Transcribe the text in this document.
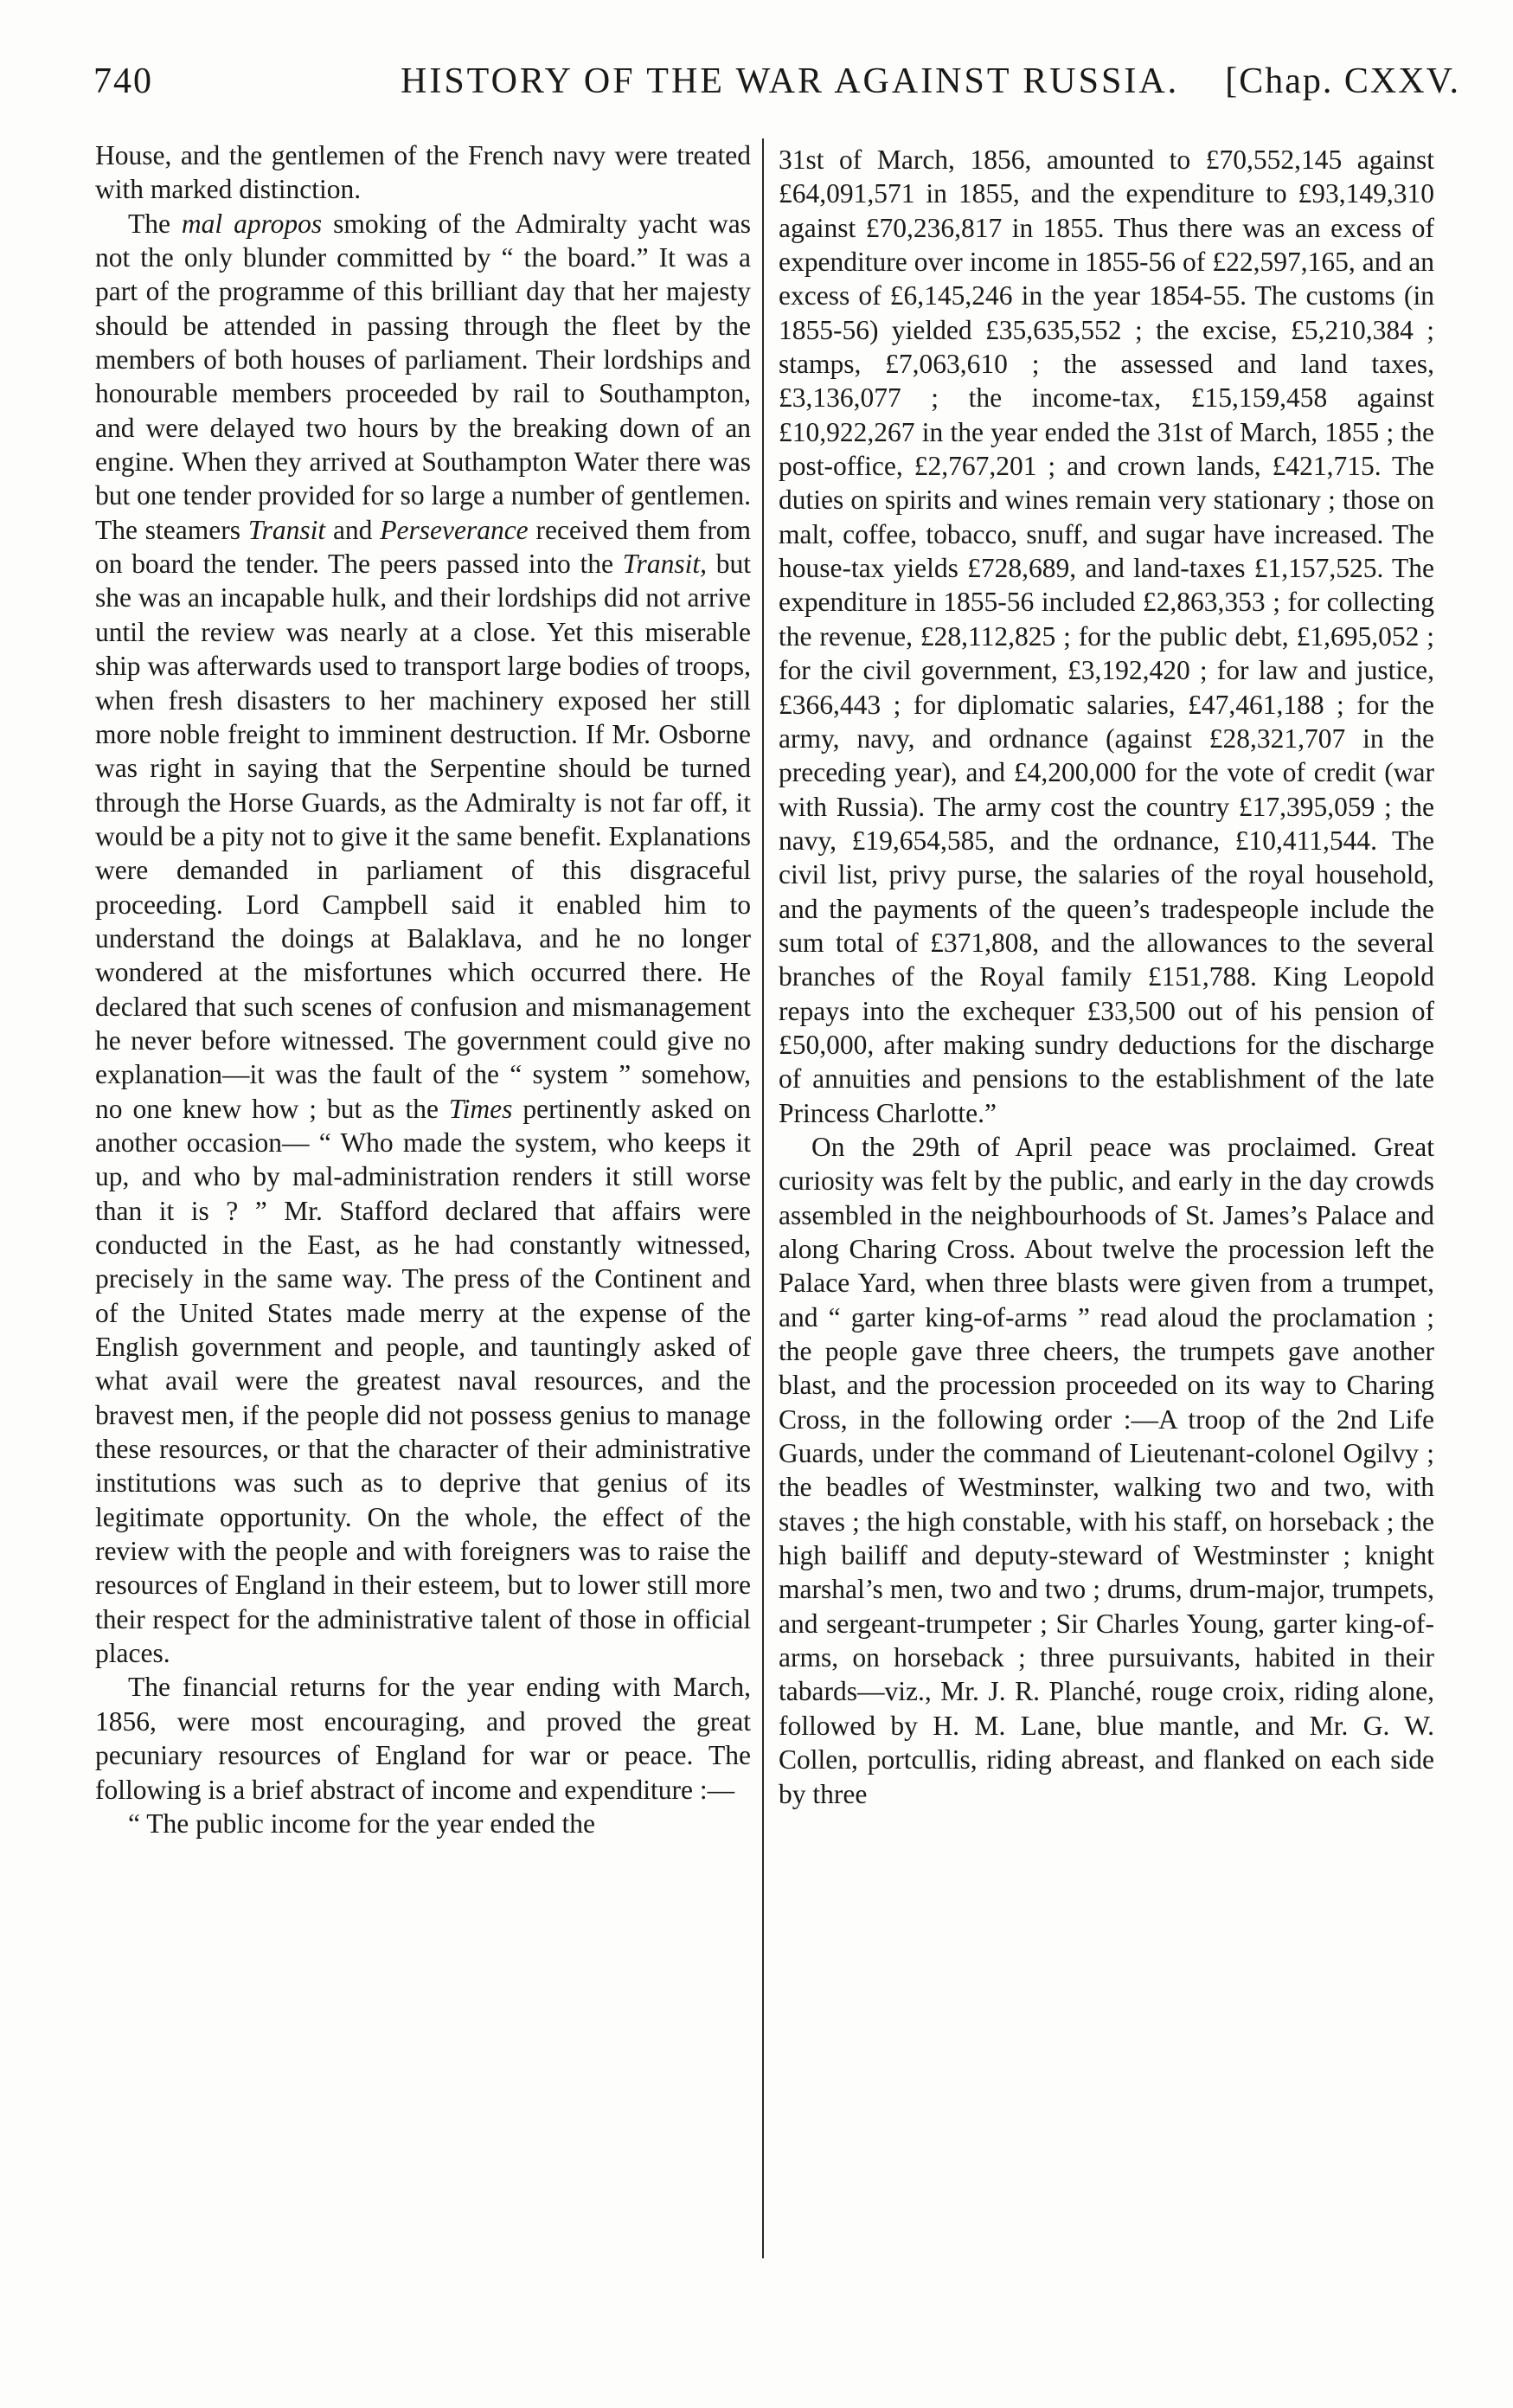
740	HISTORY OF THE WAR AGAINST RUSSIA. [Chap. CXXV.

House, and the gentlemen of the French navy were treated with marked distinction.

The mal apropos smoking of the Admiralty yacht was not the only blunder committed by “ the board.” It was a part of the programme of this brilliant day that her majesty should be attended in passing through the fleet by the members of both houses of parliament. Their lordships and honourable members proceeded by rail to Southampton, and were delayed two hours by the breaking down of an engine. When they arrived at Southampton Water there was but one tender provided for so large a number of gentlemen. The steamers Transit and Perseverance received them from on board the tender. The peers passed into the Transit, but she was an incapable hulk, and their lordships did not arrive until the review was nearly at a close. Yet this miserable ship was afterwards used to transport large bodies of troops, when fresh disasters to her machinery exposed her still more noble freight to imminent destruction. If Mr. Osborne was right in saying that the Serpentine should be turned through the Horse Guards, as the Admiralty is not far off, it would be a pity not to give it the same benefit. Explanations were demanded in parliament of this disgraceful proceeding. Lord Campbell said it enabled him to understand the doings at Balaklava, and he no longer wondered at the misfortunes which occurred there. He declared that such scenes of confusion and mismanagement he never before witnessed. The government could give no explanation—it was the fault of the “ system ” somehow, no one knew how ; but as the Times pertinently asked on another occasion— “ Who made the system, who keeps it up, and who by mal-administration renders it still worse than it is ? ” Mr. Stafford declared that affairs were conducted in the East, as he had constantly witnessed, precisely in the same way. The press of the Continent and of the United States made merry at the expense of the English government and people, and tauntingly asked of what avail were the greatest naval resources, and the bravest men, if the people did not possess genius to manage these resources, or that the character of their administrative institutions was such as to deprive that genius of its legitimate opportunity. On the whole, the effect of the review with the people and with foreigners was to raise the resources of England in their esteem, but to lower still more their respect for the administrative talent of those in official places.

The financial returns for the year ending with March, 1856, were most encouraging, and proved the great pecuniary resources of England for war or peace. The following is a brief abstract of income and expenditure :—

“ The public income for the year ended the

31st of March, 1856, amounted to £70,552,145 against £64,091,571 in 1855, and the expenditure to £93,149,310 against £70,236,817 in 1855. Thus there was an excess of expenditure over income in 1855-56 of £22,597,165, and an excess of £6,145,246 in the year 1854-55. The customs (in 1855-56) yielded £35,635,552 ; the excise, £5,210,384 ; stamps, £7,063,610 ; the assessed and land taxes, £3,136,077 ; the income-tax, £15,159,458 against £10,922,267 in the year ended the 31st of March, 1855 ; the post-office, £2,767,201 ; and crown lands, £421,715. The duties on spirits and wines remain very stationary ; those on malt, coffee, tobacco, snuff, and sugar have increased. The house-tax yields £728,689, and land-taxes £1,157,525. The expenditure in 1855-56 included £2,863,353 ; for collecting the revenue, £28,112,825 ; for the public debt, £1,695,052 ; for the civil government, £3,192,420 ; for law and justice, £366,443 ; for diplomatic salaries, £47,461,188 ; for the army, navy, and ordnance (against £28,321,707 in the preceding year), and £4,200,000 for the vote of credit (war with Russia). The army cost the country £17,395,059 ; the navy, £19,654,585, and the ordnance, £10,411,544. The civil list, privy purse, the salaries of the royal household, and the payments of the queen’s tradespeople include the sum total of £371,808, and the allowances to the several branches of the Royal family £151,788. King Leopold repays into the exchequer £33,500 out of his pension of £50,000, after making sundry deductions for the discharge of annuities and pensions to the establishment of the late Princess Charlotte.”

On the 29th of April peace was proclaimed. Great curiosity was felt by the public, and early in the day crowds assembled in the neighbourhoods of St. James’s Palace and along Charing Cross. About twelve the procession left the Palace Yard, when three blasts were given from a trumpet, and “ garter king-of-arms ” read aloud the proclamation ; the people gave three cheers, the trumpets gave another blast, and the procession proceeded on its way to Charing Cross, in the following order :—A troop of the 2nd Life Guards, under the command of Lieutenant-colonel Ogilvy ; the beadles of Westminster, walking two and two, with staves ; the high constable, with his staff, on horseback ; the high bailiff and deputy-steward of Westminster ; knight marshal’s men, two and two ; drums, drum-major, trumpets, and sergeant-trumpeter ; Sir Charles Young, garter king-of-arms, on horseback ; three pursuivants, habited in their tabards—viz., Mr. J. R. Planché, rouge croix, riding alone, followed by H. M. Lane, blue mantle, and Mr. G. W. Collen, portcullis, riding abreast, and flanked on each side by three
